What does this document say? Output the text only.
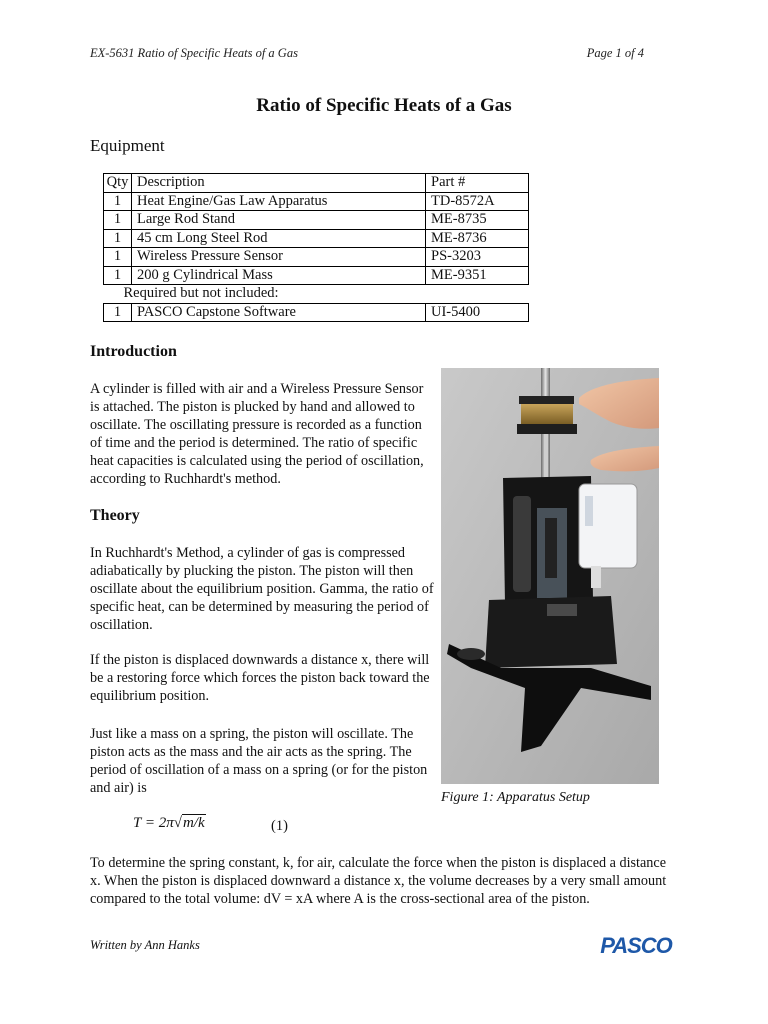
EX-5631 Ratio of Specific Heats of a Gas	Page 1 of 4
Ratio of Specific Heats of a Gas
Equipment
Qty	Description	Part #
1	Heat Engine/Gas Law Apparatus	TD-8572A
1	Large Rod Stand	ME-8735
1	45 cm Long Steel Rod	ME-8736
1	Wireless Pressure Sensor	PS-3203
1	200 g Cylindrical Mass	ME-9351
Required but not included:		
1	PASCO Capstone Software	UI-5400
Introduction
A cylinder is filled with air and a Wireless Pressure Sensor is attached. The piston is plucked by hand and allowed to oscillate. The oscillating pressure is recorded as a function of time and the period is determined. The ratio of specific heat capacities is calculated using the period of oscillation, according to Ruchhardt's method.
Theory
In Ruchhardt's Method, a cylinder of gas is compressed adiabatically by plucking the piston. The piston will then oscillate about the equilibrium position. Gamma, the ratio of specific heat, can be determined by measuring the period of oscillation.
If the piston is displaced downwards a distance x, there will be a restoring force which forces the piston back toward the equilibrium position.
Just like a mass on a spring, the piston will oscillate. The piston acts as the mass and the air acts as the spring. The period of oscillation of a mass on a spring (or for the piston and air) is
T = 2π√m/k	(1)
To determine the spring constant, k, for air, calculate the force when the piston is displaced a distance x. When the piston is displaced downward a distance x, the volume decreases by a very small amount compared to the total volume: dV = xA where A is the cross-sectional area of the piston.
Figure 1: Apparatus Setup
Written by Ann Hanks	PASCO
